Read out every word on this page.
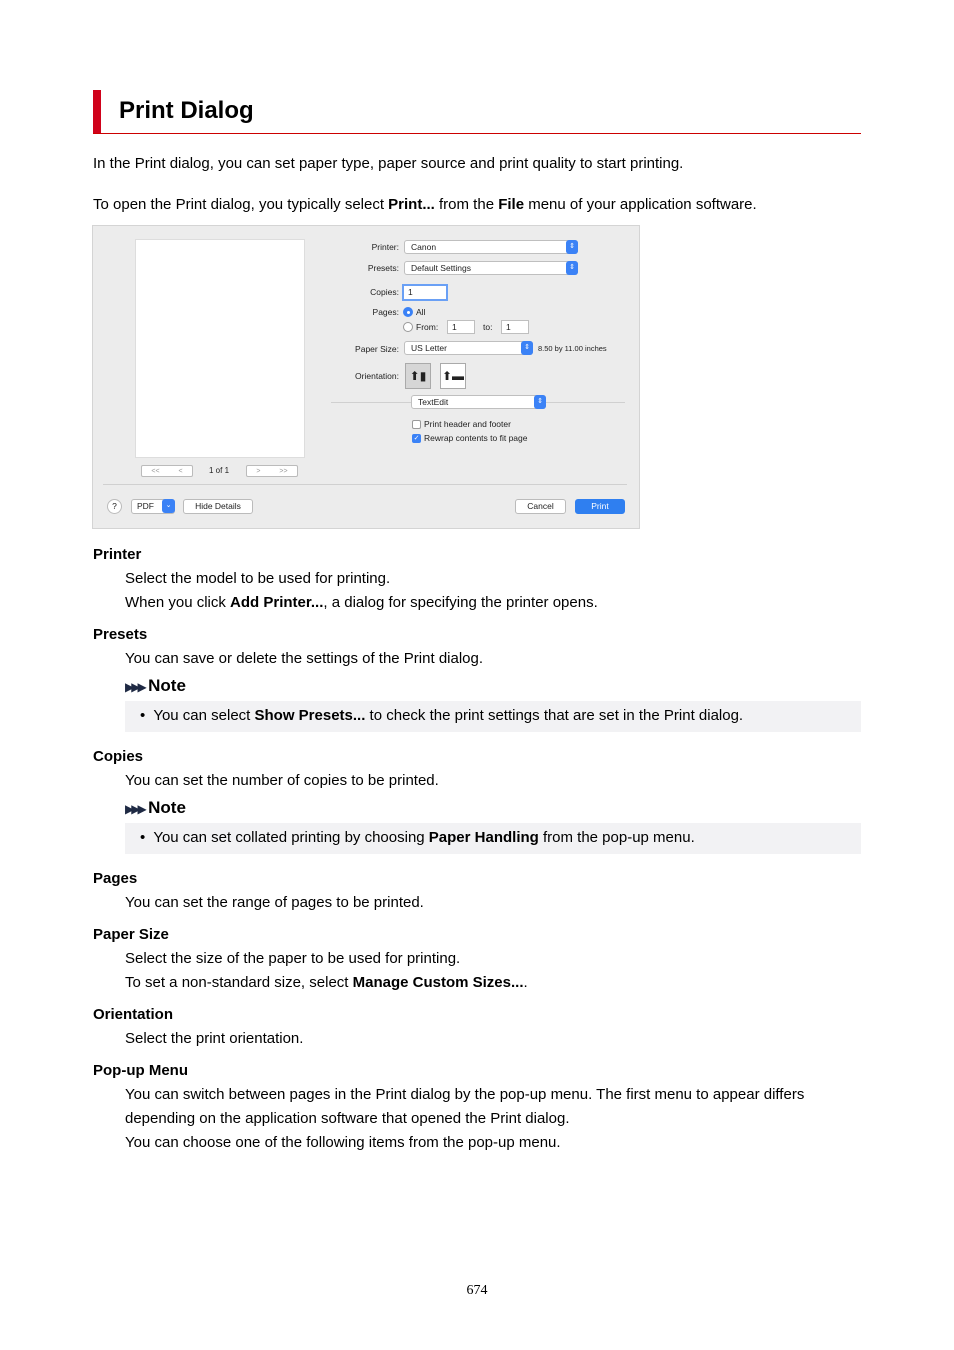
Print Dialog
In the Print dialog, you can set paper type, paper source and print quality to start printing.
To open the Print dialog, you typically select Print... from the File menu of your application software.
<<	<	1 of 1	>	>>
Printer:	Canon	⇕
Presets:	Default Settings	⇕
Copies:	1
Pages: All
From:	1	to:	1
Paper Size:	US Letter	⇕	8.50 by 11.00 inches
Orientation: ⬆▮	⬆▬
TextEdit	⇕
Print header and footer
✓ Rewrap contents to fit page
?	PDF	⌄	Hide Details	Cancel	Print
Printer
Select the model to be used for printing.
When you click Add Printer..., a dialog for specifying the printer opens.
Presets
You can save or delete the settings of the Print dialog.
▶▶▶ Note
•  You can select Show Presets... to check the print settings that are set in the Print dialog.
Copies
You can set the number of copies to be printed.
▶▶▶ Note
•  You can set collated printing by choosing Paper Handling from the pop-up menu.
Pages
You can set the range of pages to be printed.
Paper Size
Select the size of the paper to be used for printing.
To set a non-standard size, select Manage Custom Sizes....
Orientation
Select the print orientation.
Pop-up Menu
You can switch between pages in the Print dialog by the pop-up menu. The first menu to appear differs
depending on the application software that opened the Print dialog.
You can choose one of the following items from the pop-up menu.
674
